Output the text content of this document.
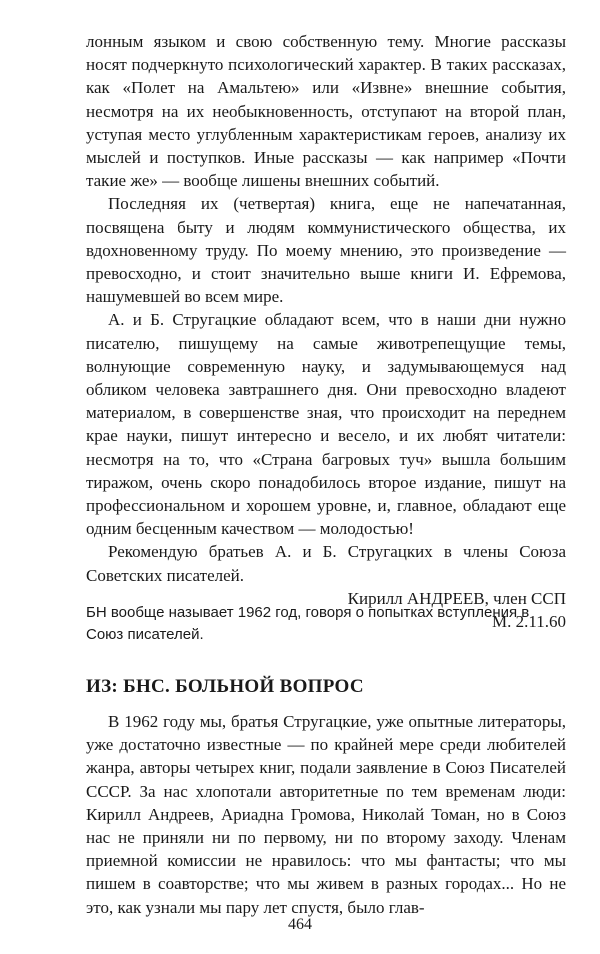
лонным языком и свою собственную тему. Многие рассказы носят подчеркнуто психологический характер. В таких рассказах, как «Полет на Амальтею» или «Извне» внешние события, несмотря на их необыкновенность, отступают на второй план, уступая место углубленным характеристикам героев, анализу их мыслей и поступков. Иные рассказы — как например «Почти такие же» — вообще лишены внешних событий.

Последняя их (четвертая) книга, еще не напечатанная, посвящена быту и людям коммунистического общества, их вдохновенному труду. По моему мнению, это произведение — превосходно, и стоит значительно выше книги И. Ефремова, нашумевшей во всем мире.

А. и Б. Стругацкие обладают всем, что в наши дни нужно писателю, пишущему на самые животрепещущие темы, волнующие современную науку, и задумывающемуся над обликом человека завтрашнего дня. Они превосходно владеют материалом, в совершенстве зная, что происходит на переднем крае науки, пишут интересно и весело, и их любят читатели: несмотря на то, что «Страна багровых туч» вышла большим тиражом, очень скоро понадобилось второе издание, пишут на профессиональном и хорошем уровне, и, главное, обладают еще одним бесценным качеством — молодостью!

Рекомендую братьев А. и Б. Стругацких в члены Союза Советских писателей.

Кирилл АНДРЕЕВ, член ССП

М. 2.11.60

БН вообще называет 1962 год, говоря о попытках вступления в Союз писателей.

ИЗ: БНС. БОЛЬНОЙ ВОПРОС

В 1962 году мы, братья Стругацкие, уже опытные литераторы, уже достаточно известные — по крайней мере среди любителей жанра, авторы четырех книг, подали заявление в Союз Писателей СССР. За нас хлопотали авторитетные по тем временам люди: Кирилл Андреев, Ариадна Громова, Николай Томан, но в Союз нас не приняли ни по первому, ни по второму заходу. Членам приемной комиссии не нравилось: что мы фантасты; что мы пишем в соавторстве; что мы живем в разных городах... Но не это, как узнали мы пару лет спустя, было глав-

464
